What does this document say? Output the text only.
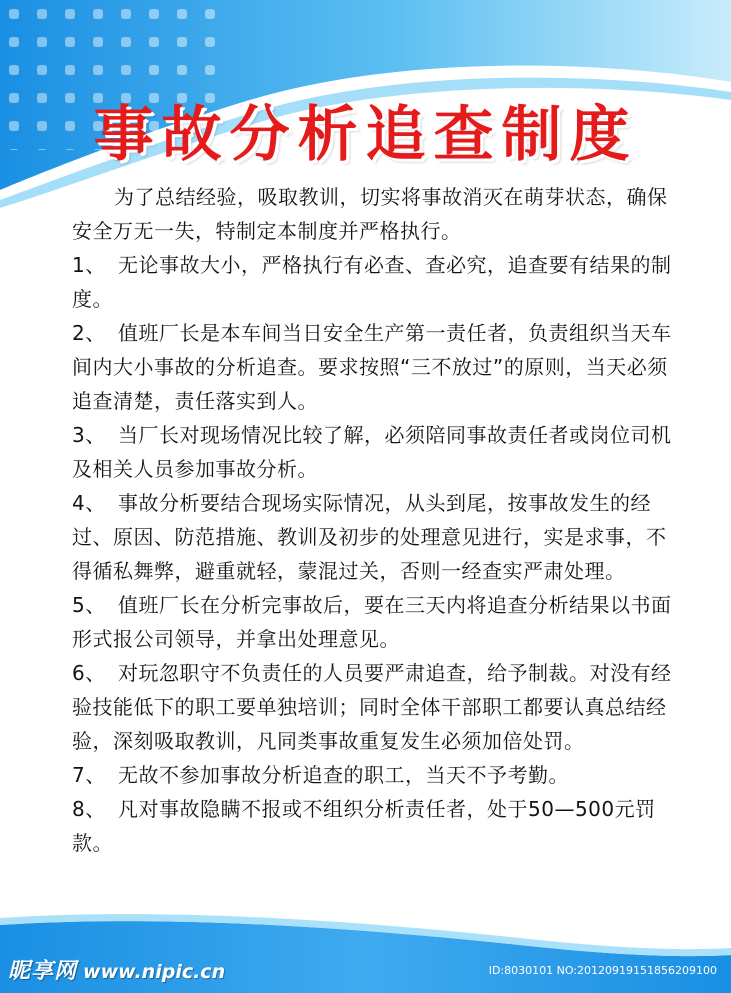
事故分析追查制度
为了总结经验，吸取教训，切实将事故消灭在萌芽状态，确保安全万无一失，特制定本制度并严格执行。
1、 无论事故大小，严格执行有必查、查必究，追查要有结果的制度。
2、 值班厂长是本车间当日安全生产第一责任者，负责组织当天车间内大小事故的分析追查。要求按照“三不放过”的原则，当天必须追查清楚，责任落实到人。
3、 当厂长对现场情况比较了解，必须陪同事故责任者或岗位司机及相关人员参加事故分析。
4、 事故分析要结合现场实际情况，从头到尾，按事故发生的经过、原因、防范措施、教训及初步的处理意见进行，实是求事，不得循私舞弊，避重就轻，蒙混过关，否则一经查实严肃处理。
5、 值班厂长在分析完事故后，要在三天内将追查分析结果以书面形式报公司领导，并拿出处理意见。
6、 对玩忽职守不负责任的人员要严肃追查，给予制裁。对没有经验技能低下的职工要单独培训；同时全体干部职工都要认真总结经验，深刻吸取教训，凡同类事故重复发生必须加倍处罚。
7、 无故不参加事故分析追查的职工，当天不予考勤。
8、 凡对事故隐瞒不报或不组织分析责任者，处于50—500元罚款。
昵享网 www.nipic.cn	ID:8030101 NO:20120919151856209100
